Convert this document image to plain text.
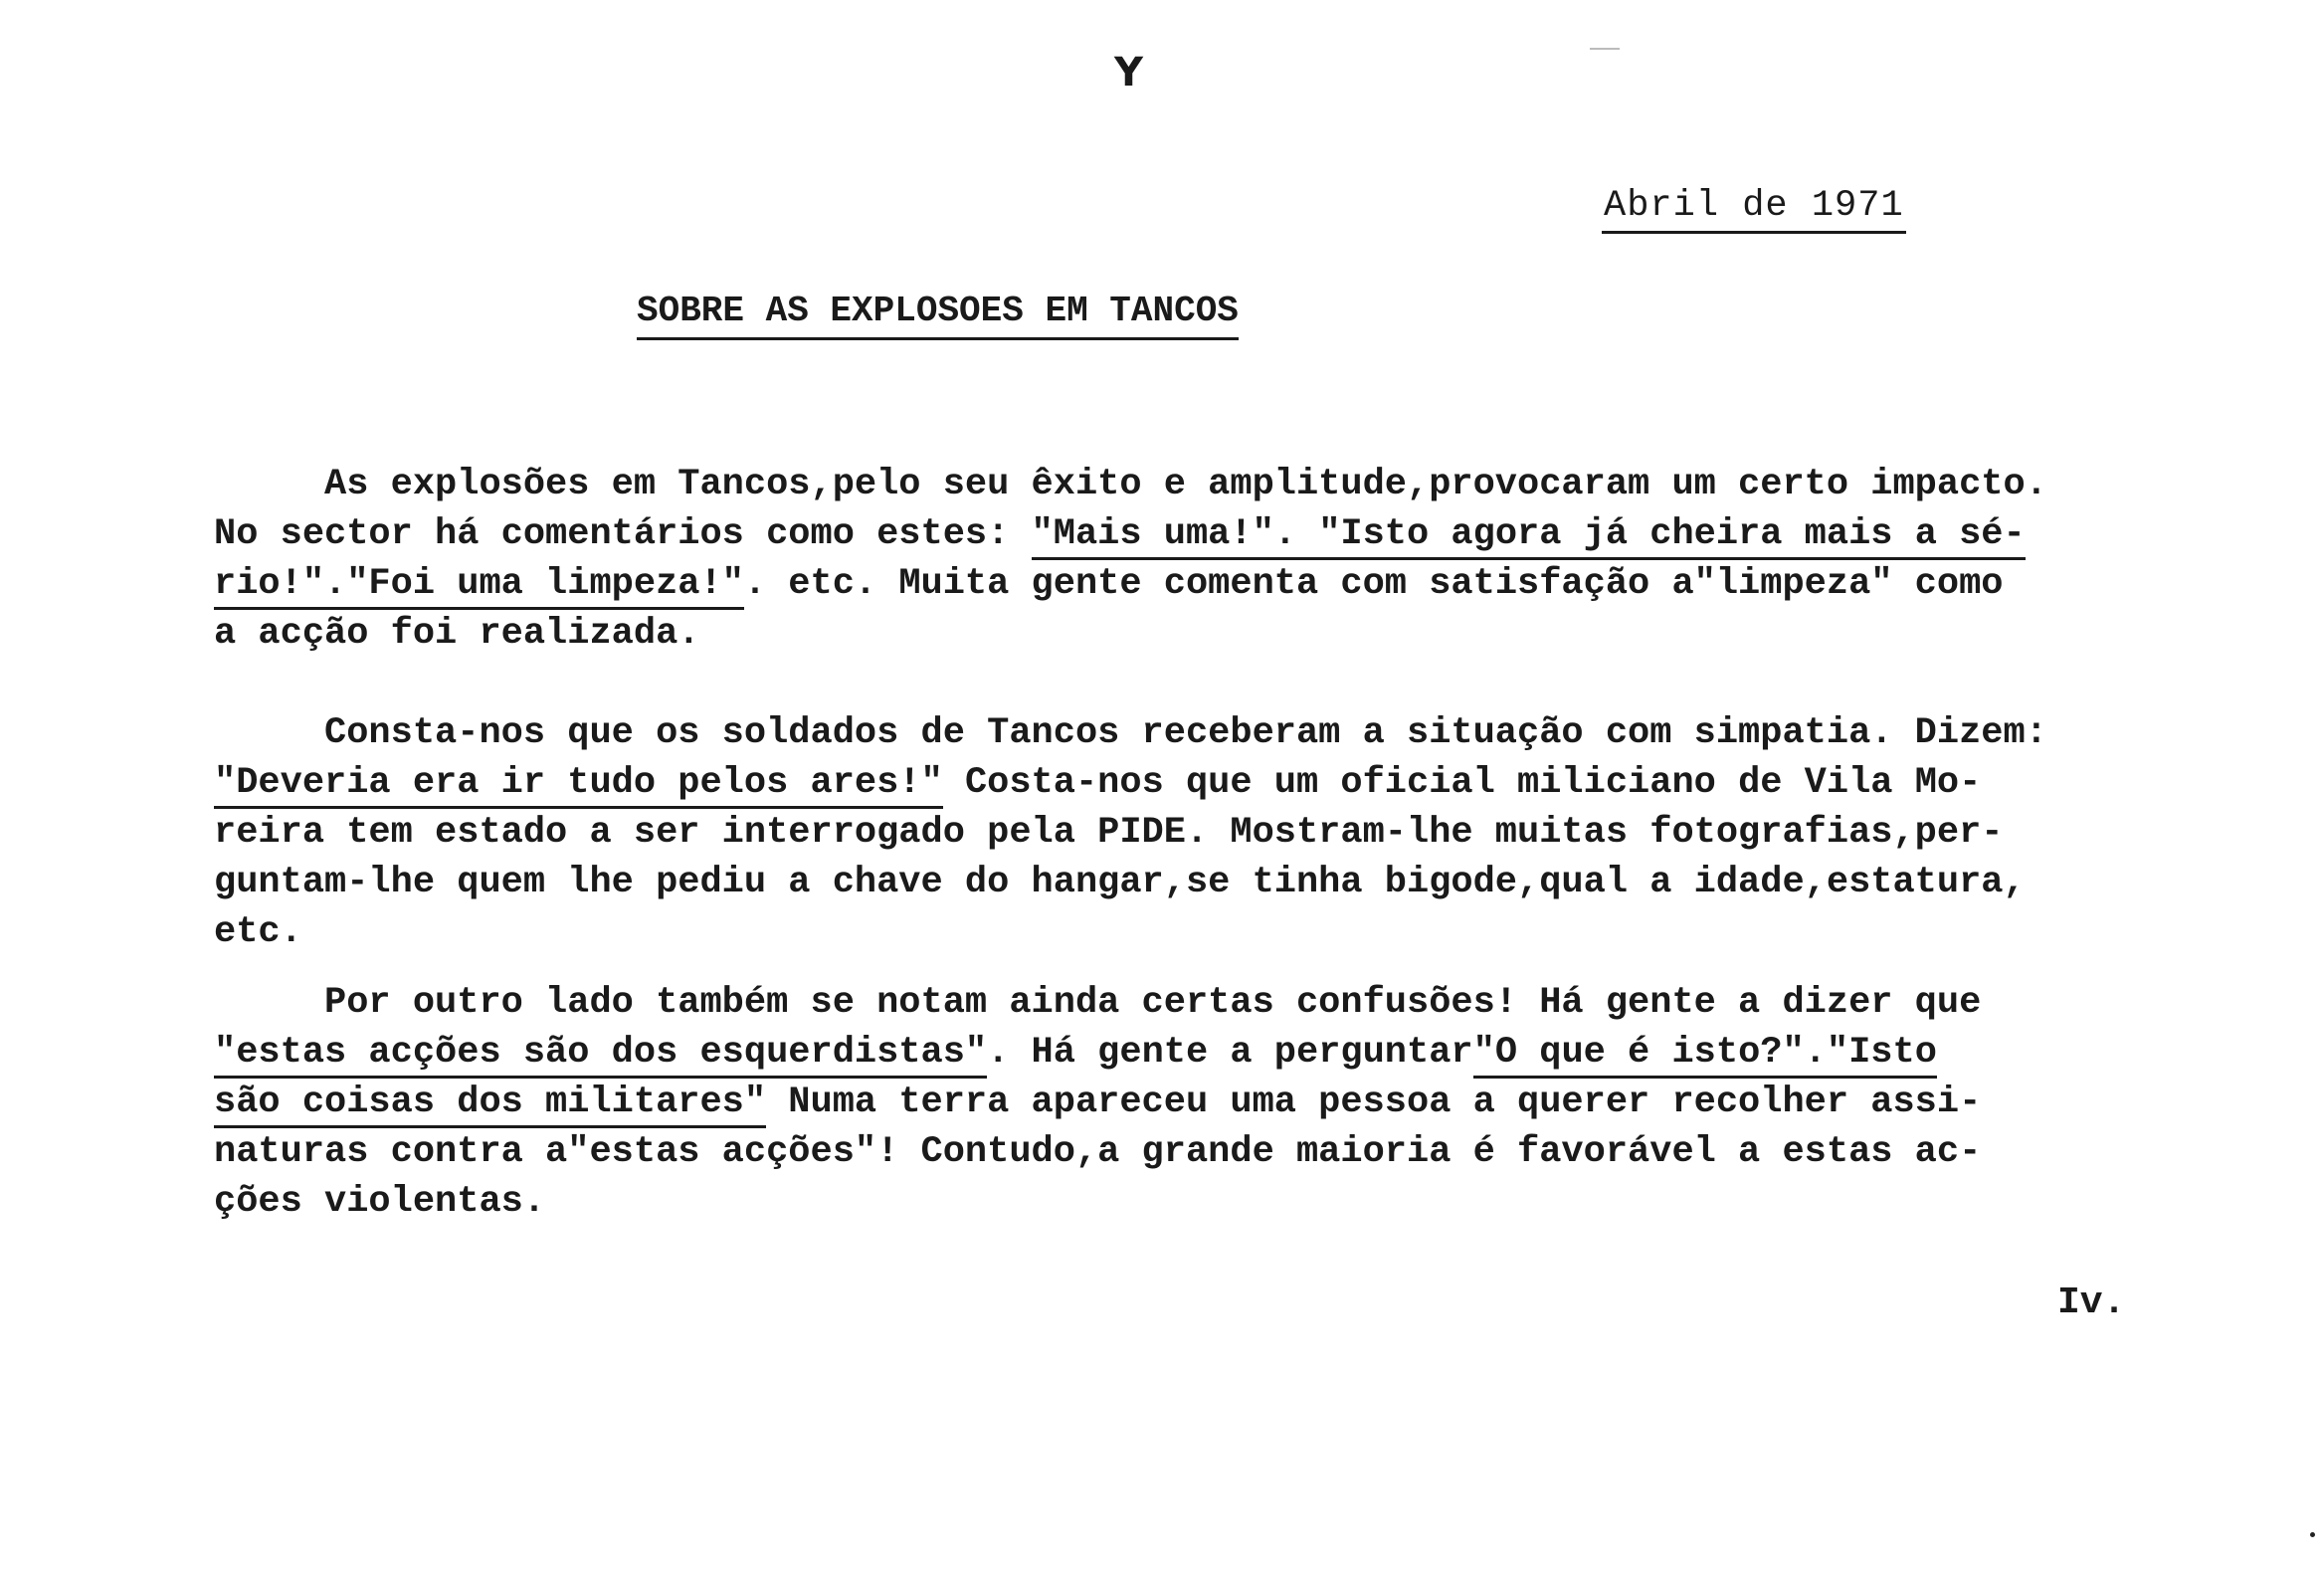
Y
Abril de 1971
SOBRE AS EXPLOSOES EM TANCOS
As explosões em Tancos,pelo seu êxito e amplitude,provocaram um certo impacto.
No sector há comentários como estes: "Mais uma!". "Isto agora já cheira mais a sé-
rio!"."Foi uma limpeza!". etc. Muita gente comenta com satisfação a"limpeza" como
a acção foi realizada.
Consta-nos que os soldados de Tancos receberam a situação com simpatia. Dizem:
"Deveria era ir tudo pelos ares!" Costa-nos que um oficial miliciano de Vila Mo-
reira tem estado a ser interrogado pela PIDE. Mostram-lhe muitas fotografias,per-
guntam-lhe quem lhe pediu a chave do hangar,se tinha bigode,qual a idade,estatura,
etc.
Por outro lado também se notam ainda certas confusões! Há gente a dizer que
"estas acções são dos esquerdistas". Há gente a perguntar"O que é isto?"."Isto
são coisas dos militares" Numa terra apareceu uma pessoa a querer recolher assi-
naturas contra a"estas acções"! Contudo,a grande maioria é favorável a estas ac-
ções violentas.
Iv.
